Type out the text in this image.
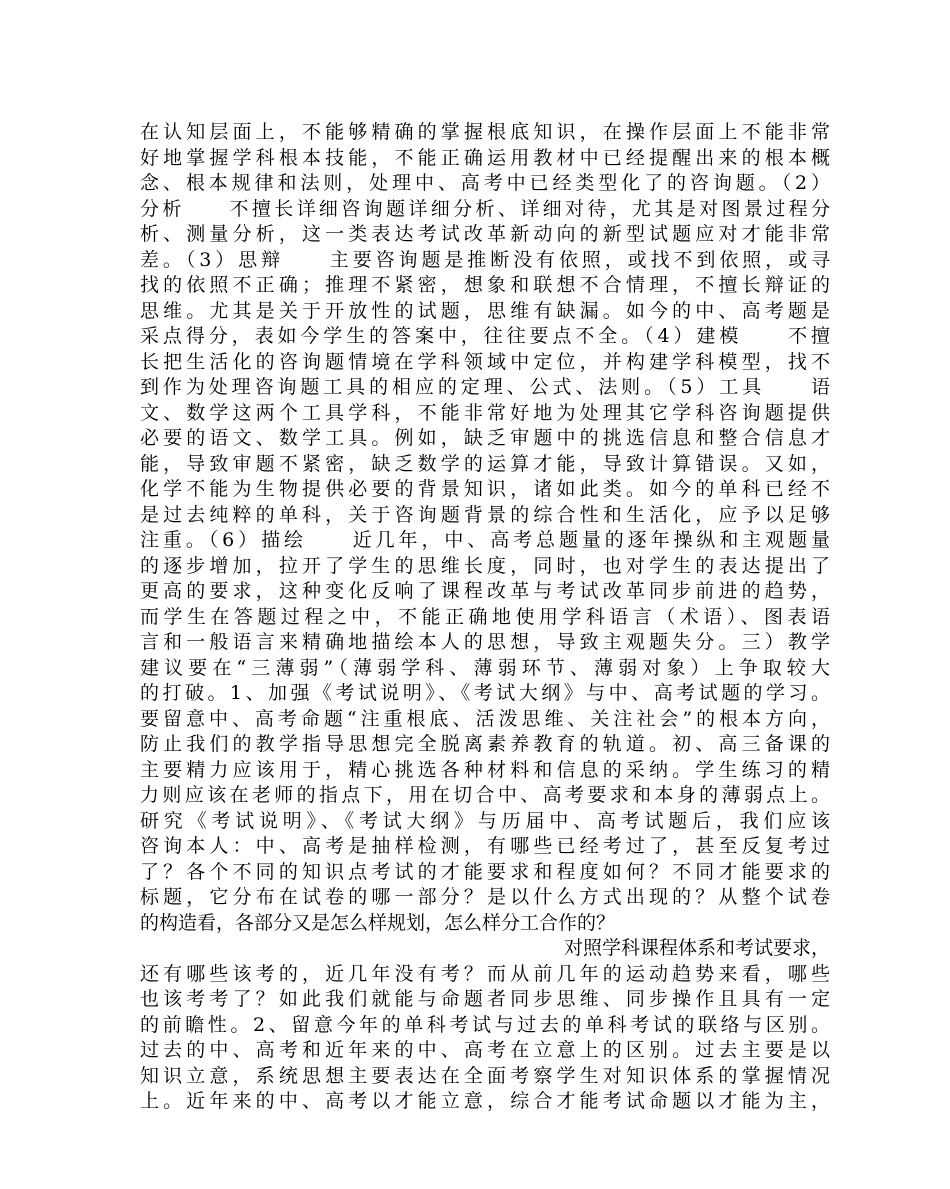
在认知层面上，不能够精确的掌握根底知识，在操作层面上不能非常
好地掌握学科根本技能，不能正确运用教材中已经提醒出来的根本概
念、根本规律和法则，处理中、高考中已经类型化了的咨询题。（2）
分析　　不擅长详细咨询题详细分析、详细对待，尤其是对图景过程分
析、测量分析，这一类表达考试改革新动向的新型试题应对才能非常
差。（3）思辩　　主要咨询题是推断没有依照，或找不到依照，或寻
找的依照不正确；推理不紧密，想象和联想不合情理，不擅长辩证的
思维。尤其是关于开放性的试题，思维有缺漏。如今的中、高考题是
采点得分，表如今学生的答案中，往往要点不全。（4）建模　　不擅
长把生活化的咨询题情境在学科领域中定位，并构建学科模型，找不
到作为处理咨询题工具的相应的定理、公式、法则。（5）工具　　语
文、数学这两个工具学科，不能非常好地为处理其它学科咨询题提供
必要的语文、数学工具。例如，缺乏审题中的挑选信息和整合信息才
能，导致审题不紧密，缺乏数学的运算才能，导致计算错误。又如，
化学不能为生物提供必要的背景知识，诸如此类。如今的单科已经不
是过去纯粹的单科，关于咨询题背景的综合性和生活化，应予以足够
注重。（6）描绘　　近几年，中、高考总题量的逐年操纵和主观题量
的逐步增加，拉开了学生的思维长度，同时，也对学生的表达提出了
更高的要求，这种变化反响了课程改革与考试改革同步前进的趋势，
而学生在答题过程之中，不能正确地使用学科语言（术语）、图表语
言和一般语言来精确地描绘本人的思想，导致主观题失分。三）教学
建议要在“三薄弱”（薄弱学科、薄弱环节、薄弱对象）上争取较大
的打破。1、加强《考试说明》、《考试大纲》与中、高考试题的学习。
要留意中、高考命题“注重根底、活泼思维、关注社会”的根本方向，
防止我们的教学指导思想完全脱离素养教育的轨道。初、高三备课的
主要精力应该用于，精心挑选各种材料和信息的采纳。学生练习的精
力则应该在老师的指点下，用在切合中、高考要求和本身的薄弱点上。
研究《考试说明》、《考试大纲》与历届中、高考试题后，我们应该
咨询本人：中、高考是抽样检测，有哪些已经考过了，甚至反复考过
了？各个不同的知识点考试的才能要求和程度如何？不同才能要求的
标题，它分布在试卷的哪一部分？是以什么方式出现的？从整个试卷
的构造看，各部分又是怎么样规划，怎么样分工合作的？
对照学科课程体系和考试要求，
还有哪些该考的，近几年没有考？而从前几年的运动趋势来看，哪些
也该考考了？如此我们就能与命题者同步思维、同步操作且具有一定
的前瞻性。2、留意今年的单科考试与过去的单科考试的联络与区别。
过去的中、高考和近年来的中、高考在立意上的区别。过去主要是以
知识立意，系统思想主要表达在全面考察学生对知识体系的掌握情况
上。近年来的中、高考以才能立意，综合才能考试命题以才能为主，
